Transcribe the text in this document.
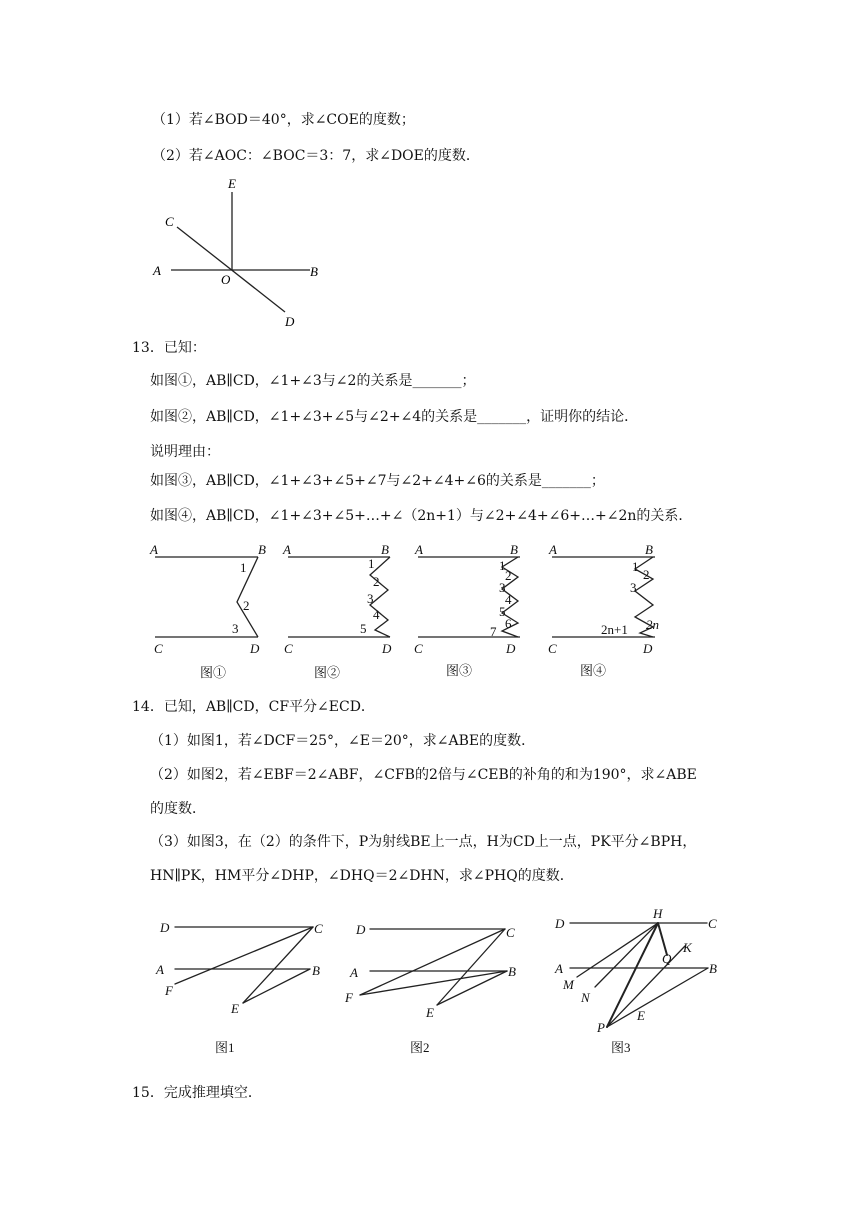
（1）若∠BOD＝40°，求∠COE的度数；
（2）若∠AOC：∠BOC＝3：7，求∠DOE的度数．
E
C
A
O
B
D
13．已知：
如图①，AB∥CD，∠1+∠3与∠2的关系是_______；
如图②，AB∥CD，∠1+∠3+∠5与∠2+∠4的关系是_______，证明你的结论．
说明理由：
如图③，AB∥CD，∠1+∠3+∠5+∠7与∠2+∠4+∠6的关系是_______；
如图④，AB∥CD，∠1+∠3+∠5+…+∠（2n+1）与∠2+∠4+∠6+…+∠2n的关系．
A	B
C	D
1
2
3
图①
A	B
C	D
1
2
3
4
5
图②
A	B
C	D
1
2
3
4
5
6
7
图③
A	B
C	D
1
2
3
2n+1 2n
图④
14．已知，AB∥CD，CF平分∠ECD．
（1）如图1，若∠DCF＝25°，∠E＝20°，求∠ABE的度数．
（2）如图2，若∠EBF＝2∠ABF，∠CFB的2倍与∠CEB的补角的和为190°，求∠ABE
的度数．
（3）如图3，在（2）的条件下，P为射线BE上一点，H为CD上一点，PK平分∠BPH，
HN∥PK，HM平分∠DHP，∠DHQ＝2∠DHN，求∠PHQ的度数．
D	C
A	B
F
E
图1
D	C
A	B
F
E
图2
D
H
C
A	B
Q
K
M
N
P
E
图3
15．完成推理填空．
